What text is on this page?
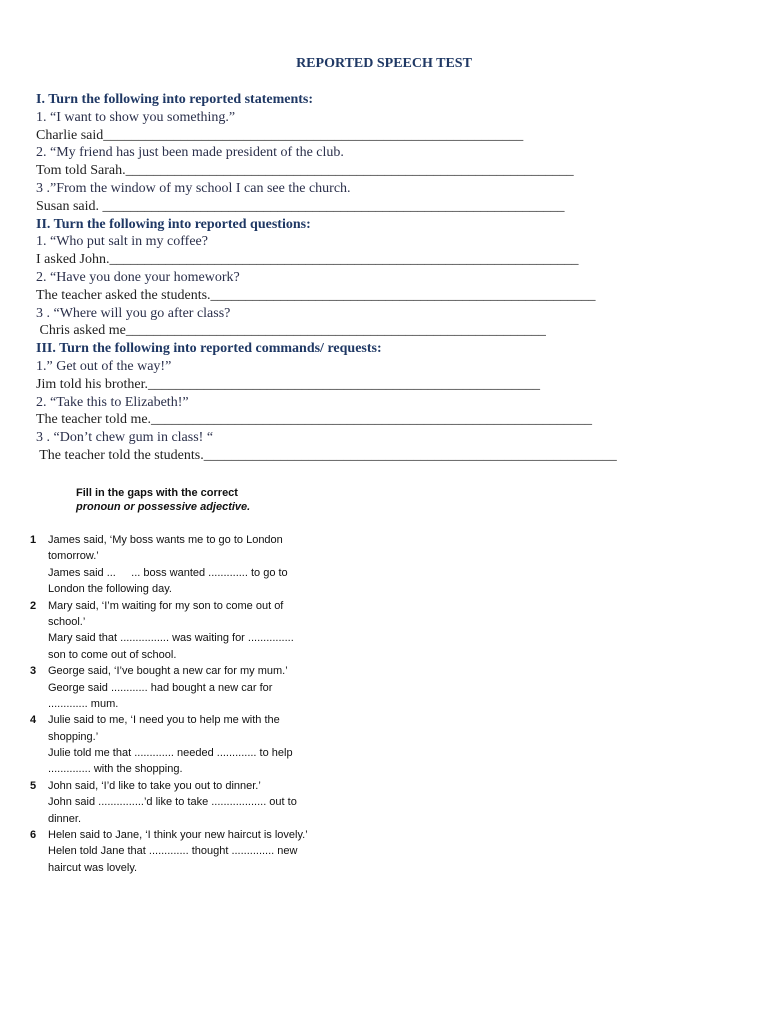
REPORTED SPEECH TEST
I. Turn the following into reported statements:
1. “I want to show you something.”
Charlie said____________________________________________________________
2. “My friend has just been made president of the club.
Tom told Sarah.________________________________________________________________
3 .”From the window of my school I can see the church.
Susan said. __________________________________________________________________
II. Turn the following into reported questions:
1. “Who put salt in my coffee?
I asked John.___________________________________________________________________
2. “Have you done your homework?
The teacher asked the students._______________________________________________________
3 . “Where will you go after class?
Chris asked me____________________________________________________________
III. Turn the following into reported commands/ requests:
1.” Get out of the way!”
Jim told his brother.________________________________________________________
2. “Take this to Elizabeth!”
The teacher told me._______________________________________________________________
3 . “Don’t chew gum in class! “
The teacher told the students.___________________________________________________________
Fill in the gaps with the correct
pronoun or possessive adjective.
1 James said, ‘My boss wants me to go to London
tomorrow.’
James said ...     ... boss wanted ............. to go to
London the following day.
2 Mary said, ‘I’m waiting for my son to come out of
school.’
Mary said that ................ was waiting for ...............
son to come out of school.
3 George said, ‘I’ve bought a new car for my mum.’
George said ............ had bought a new car for
............. mum.
4 Julie said to me, ‘I need you to help me with the
shopping.’
Julie told me that ............. needed ............. to help
.............. with the shopping.
5 John said, ‘I’d like to take you out to dinner.’
John said ...............’d like to take .................. out to
dinner.
6 Helen said to Jane, ‘I think your new haircut is lovely.’
Helen told Jane that ............. thought .............. new
haircut was lovely.
